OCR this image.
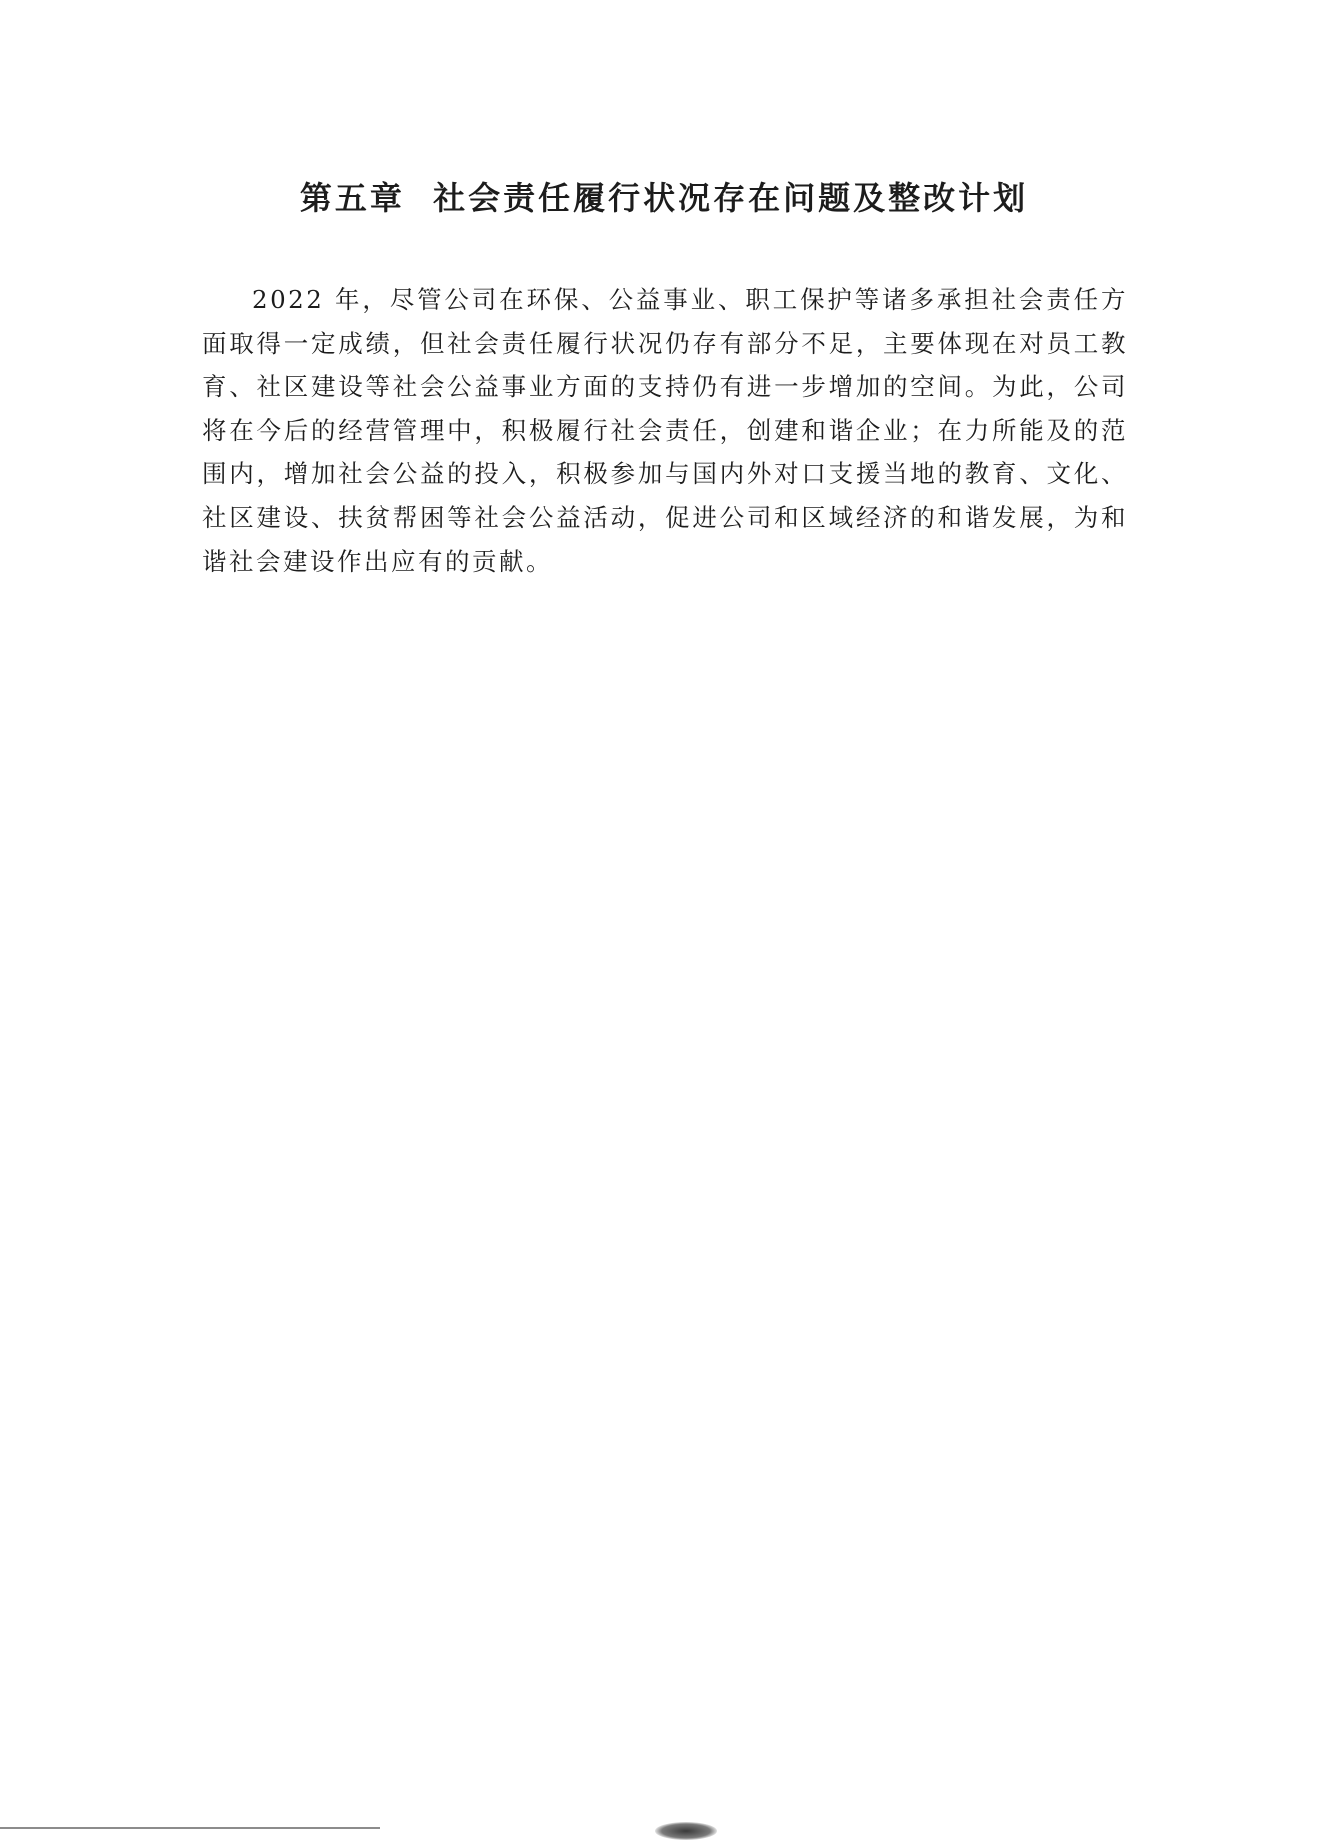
第五章  社会责任履行状况存在问题及整改计划

2022 年，尽管公司在环保、公益事业、职工保护等诸多承担社会责任方面取得一定成绩，但社会责任履行状况仍存有部分不足，主要体现在对员工教育、社区建设等社会公益事业方面的支持仍有进一步增加的空间。为此，公司将在今后的经营管理中，积极履行社会责任，创建和谐企业；在力所能及的范围内，增加社会公益的投入，积极参加与国内外对口支援当地的教育、文化、社区建设、扶贫帮困等社会公益活动，促进公司和区域经济的和谐发展，为和谐社会建设作出应有的贡献。
